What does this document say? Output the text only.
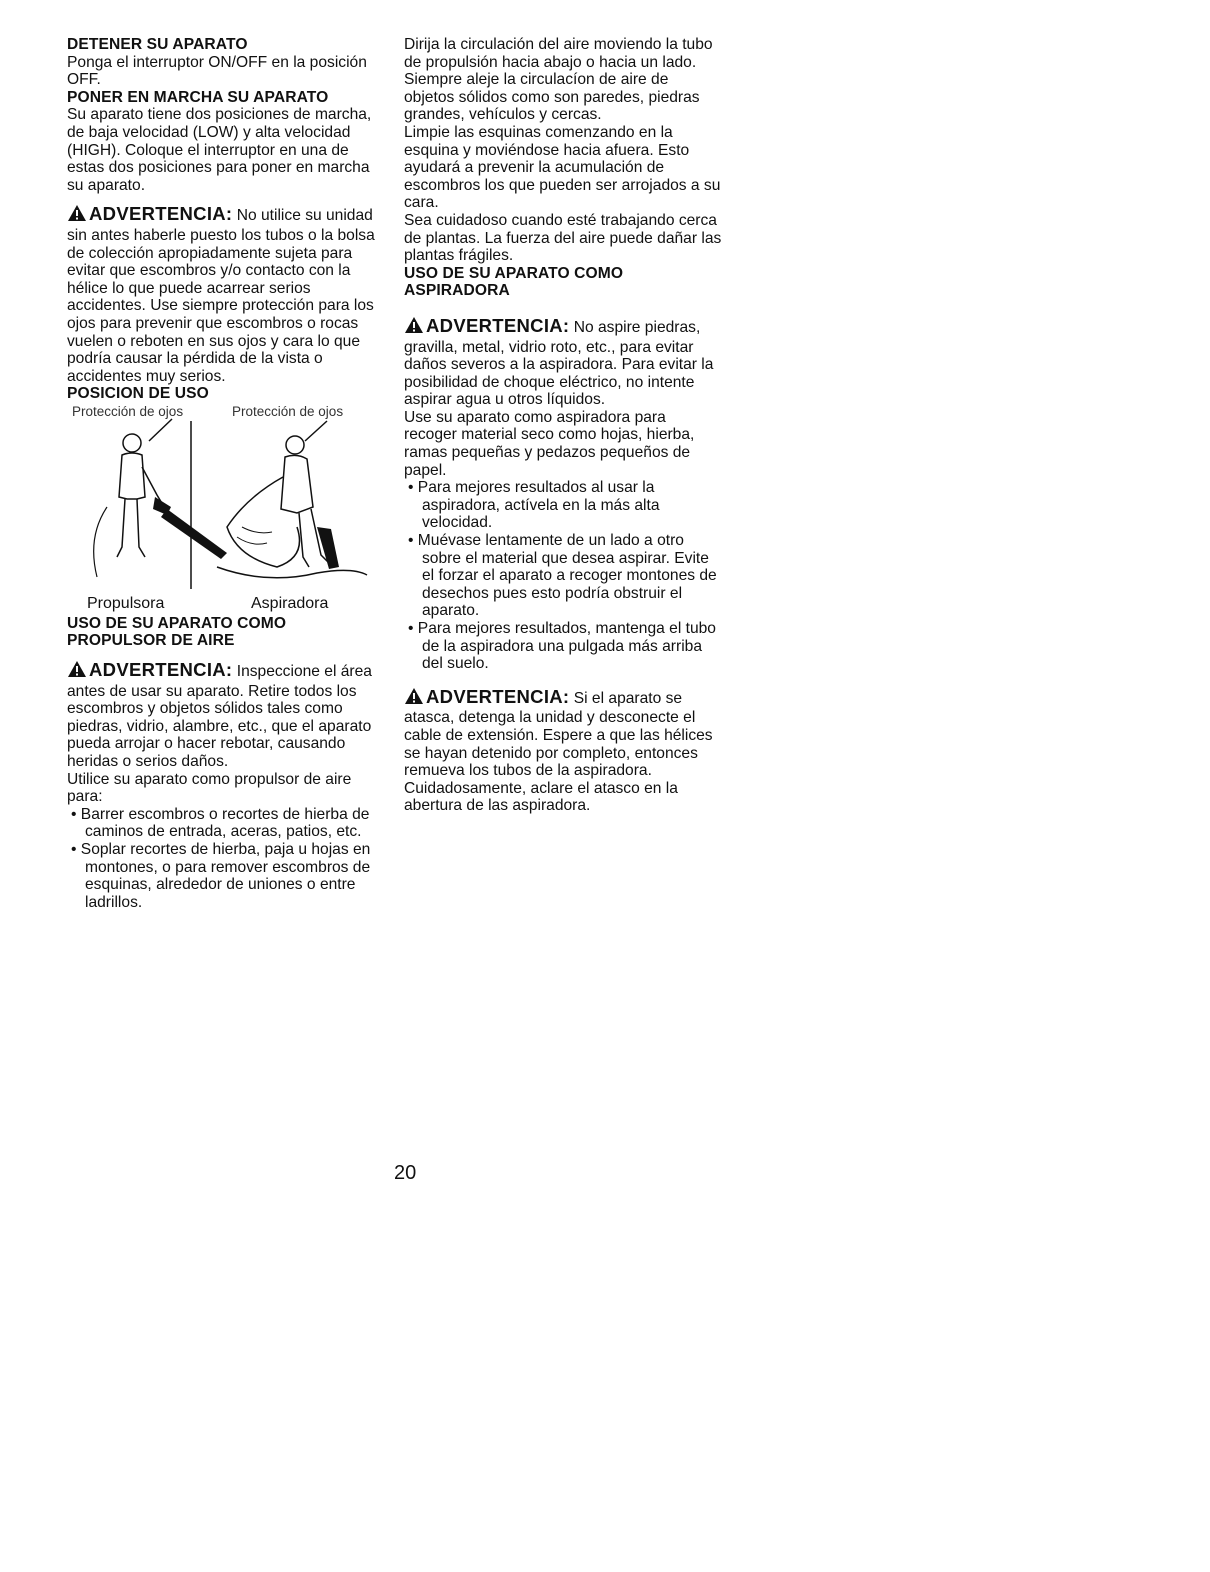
DETENER SU APARATO

Ponga el interruptor ON/OFF en la posición OFF.

PONER EN MARCHA SU APARATO

Su aparato tiene dos posiciones de marcha, de baja velocidad (LOW) y alta velocidad (HIGH). Coloque el interruptor en una de estas dos posiciones para poner en marcha su aparato.

ADVERTENCIA: No utilice su unidad sin antes haberle puesto los tubos o la bolsa de colección apropiadamente sujeta para evitar que escombros y/o contacto con la hélice lo que puede acarrear serios accidentes. Use siempre protección para los ojos para prevenir que escombros o rocas vuelen o reboten en sus ojos y cara lo que podría causar la pérdida de la vista o accidentes muy serios.

POSICION DE USO
Protección de ojos	Protección de ojos
Propulsora	Aspiradora
USO DE SU APARATO COMO PROPULSOR DE AIRE

ADVERTENCIA: Inspeccione el área antes de usar su aparato. Retire todos los escombros y objetos sólidos tales como piedras, vidrio, alambre, etc., que el aparato pueda arrojar o hacer rebotar, causando heridas o serios daños.

Utilice su aparato como propulsor de aire para:

• Barrer escombros o recortes de hierba de caminos de entrada, aceras, patios, etc.

• Soplar recortes de hierba, paja u hojas en montones, o para remover escombros de esquinas, alrededor de uniones o entre ladrillos.

Dirija la circulación del aire moviendo la tubo de propulsión hacia abajo o hacia un lado. Siempre aleje la circulacíon de aire de objetos sólidos como son paredes, piedras grandes, vehículos y cercas.

Limpie las esquinas comenzando en la esquina y moviéndose hacia afuera. Esto ayudará a prevenir la acumulación de escombros los que pueden ser arrojados a su cara.

Sea cuidadoso cuando esté trabajando cerca de plantas. La fuerza del aire puede dañar las plantas frágiles.

USO DE SU APARATO COMO ASPIRADORA

ADVERTENCIA: No aspire piedras, gravilla, metal, vidrio roto, etc., para evitar daños severos a la aspiradora. Para evitar la posibilidad de choque eléctrico, no intente aspirar agua u otros líquidos.

Use su aparato como aspiradora para recoger material seco como hojas, hierba, ramas pequeñas y pedazos pequeños de papel.

• Para mejores resultados al usar la aspiradora, actívela en la más alta velocidad.

• Muévase lentamente de un lado a otro sobre el material que desea aspirar. Evite el forzar el aparato a recoger montones de desechos pues esto podría obstruir el aparato.

• Para mejores resultados, mantenga el tubo de la aspiradora una pulgada más arriba del suelo.

ADVERTENCIA: Si el aparato se atasca, detenga la unidad y desconecte el cable de extensión. Espere a que las hélices se hayan detenido por completo, entonces remueva los tubos de la aspiradora. Cuidadosamente, aclare el atasco en la abertura de las aspiradora.

20
